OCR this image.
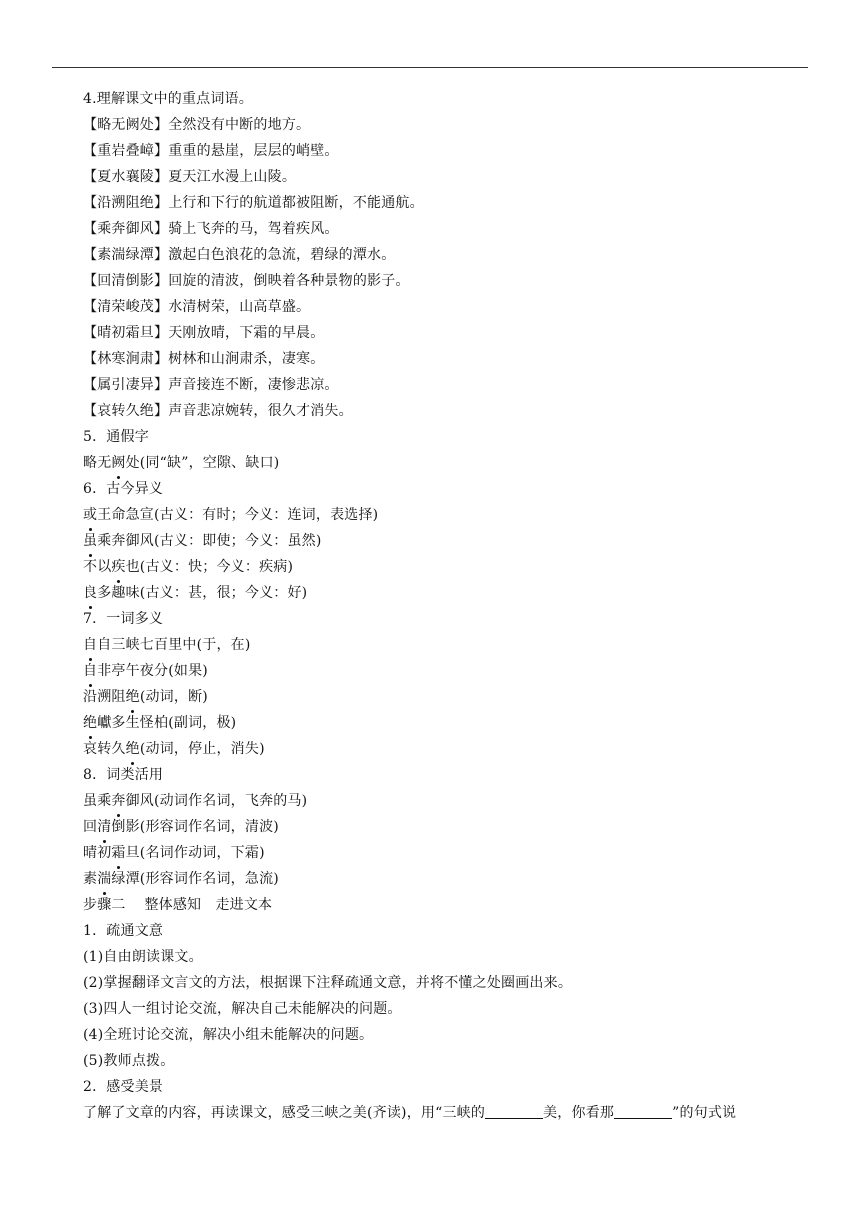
4.理解课文中的重点词语。
【略无阙处】全然没有中断的地方。
【重岩叠嶂】重重的悬崖，层层的峭壁。
【夏水襄陵】夏天江水漫上山陵。
【沿溯阻绝】上行和下行的航道都被阻断，不能通航。
【乘奔御风】骑上飞奔的马，驾着疾风。
【素湍绿潭】激起白色浪花的急流，碧绿的潭水。
【回清倒影】回旋的清波，倒映着各种景物的影子。
【清荣峻茂】水清树荣，山高草盛。
【晴初霜旦】天刚放晴，下霜的早晨。
【林寒涧肃】树林和山涧肃杀，凄寒。
【属引凄异】声音接连不断，凄惨悲凉。
【哀转久绝】声音悲凉婉转，很久才消失。
5．通假字
略无阙处(同“缺”，空隙、缺口)
6．古今异义
或王命急宣(古义：有时；今义：连词，表选择)
虽乘奔御风(古义：即使；今义：虽然)
不以疾也(古义：快；今义：疾病)
良多趣味(古义：甚，很；今义：好)
7．一词多义
自自三峡七百里中(于，在)
自非亭午夜分(如果)
沿溯阻绝(动词，断)
绝巘多生怪柏(副词，极)
哀转久绝(动词，停止，消失)
8．词类活用
虽乘奔御风(动词作名词，飞奔的马)
回清倒影(形容词作名词，清波)
晴初霜旦(名词作动词，下霜)
素湍绿潭(形容词作名词，急流)
步骤二　 整体感知　走进文本
1．疏通文意
(1)自由朗读课文。
(2)掌握翻译文言文的方法，根据课下注释疏通文意，并将不懂之处圈画出来。
(3)四人一组讨论交流，解决自己未能解决的问题。
(4)全班讨论交流，解决小组未能解决的问题。
(5)教师点拨。
2．感受美景
了解了文章的内容，再读课文，感受三峡之美(齐读)，用“三峡的	美，你看那	”的句式说
